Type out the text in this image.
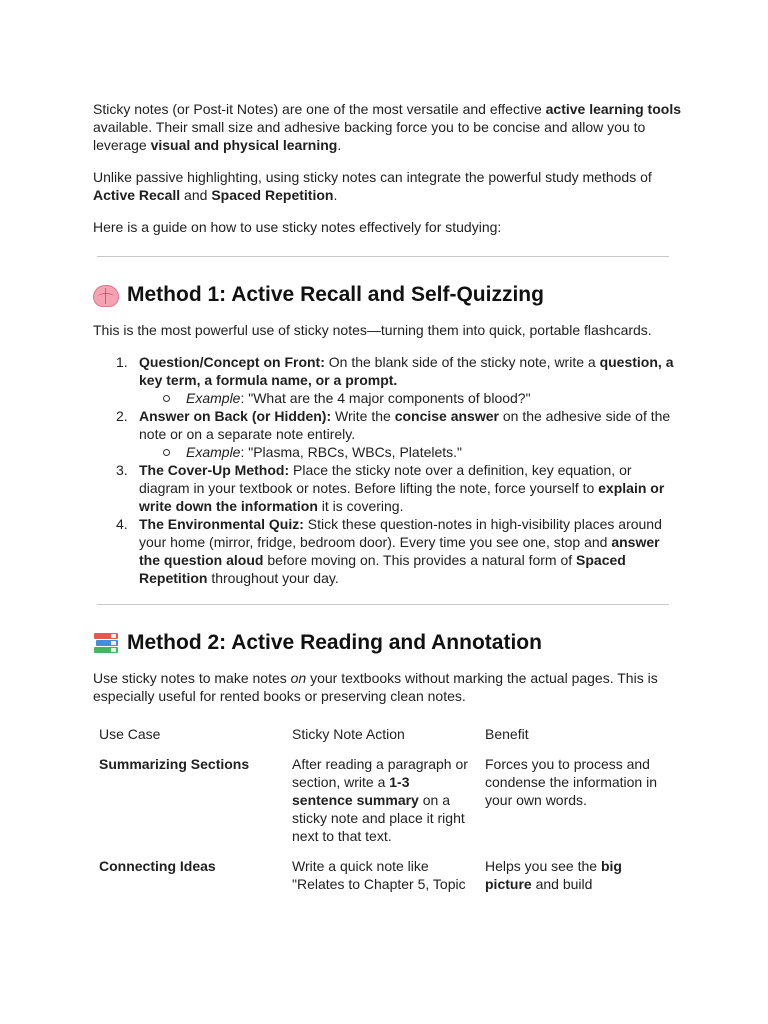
Sticky notes (or Post-it Notes) are one of the most versatile and effective active learning tools available. Their small size and adhesive backing force you to be concise and allow you to leverage visual and physical learning.

Unlike passive highlighting, using sticky notes can integrate the powerful study methods of Active Recall and Spaced Repetition.

Here is a guide on how to use sticky notes effectively for studying:

Method 1: Active Recall and Self-Quizzing

This is the most powerful use of sticky notes—turning them into quick, portable flashcards.

1. Question/Concept on Front: On the blank side of the sticky note, write a question, a key term, a formula name, or a prompt.
Example: "What are the 4 major components of blood?"
2. Answer on Back (or Hidden): Write the concise answer on the adhesive side of the note or on a separate note entirely.
Example: "Plasma, RBCs, WBCs, Platelets."
3. The Cover-Up Method: Place the sticky note over a definition, key equation, or diagram in your textbook or notes. Before lifting the note, force yourself to explain or write down the information it is covering.
4. The Environmental Quiz: Stick these question-notes in high-visibility places around your home (mirror, fridge, bedroom door). Every time you see one, stop and answer the question aloud before moving on. This provides a natural form of Spaced Repetition throughout your day.
Method 2: Active Reading and Annotation

Use sticky notes to make notes on your textbooks without marking the actual pages. This is especially useful for rented books or preserving clean notes.

Use Case	Sticky Note Action	Benefit
Summarizing Sections	After reading a paragraph or section, write a 1-3 sentence summary on a sticky note and place it right next to that text.	Forces you to process and condense the information in your own words.
Connecting Ideas	Write a quick note like "Relates to Chapter 5, Topic	Helps you see the big picture and build
